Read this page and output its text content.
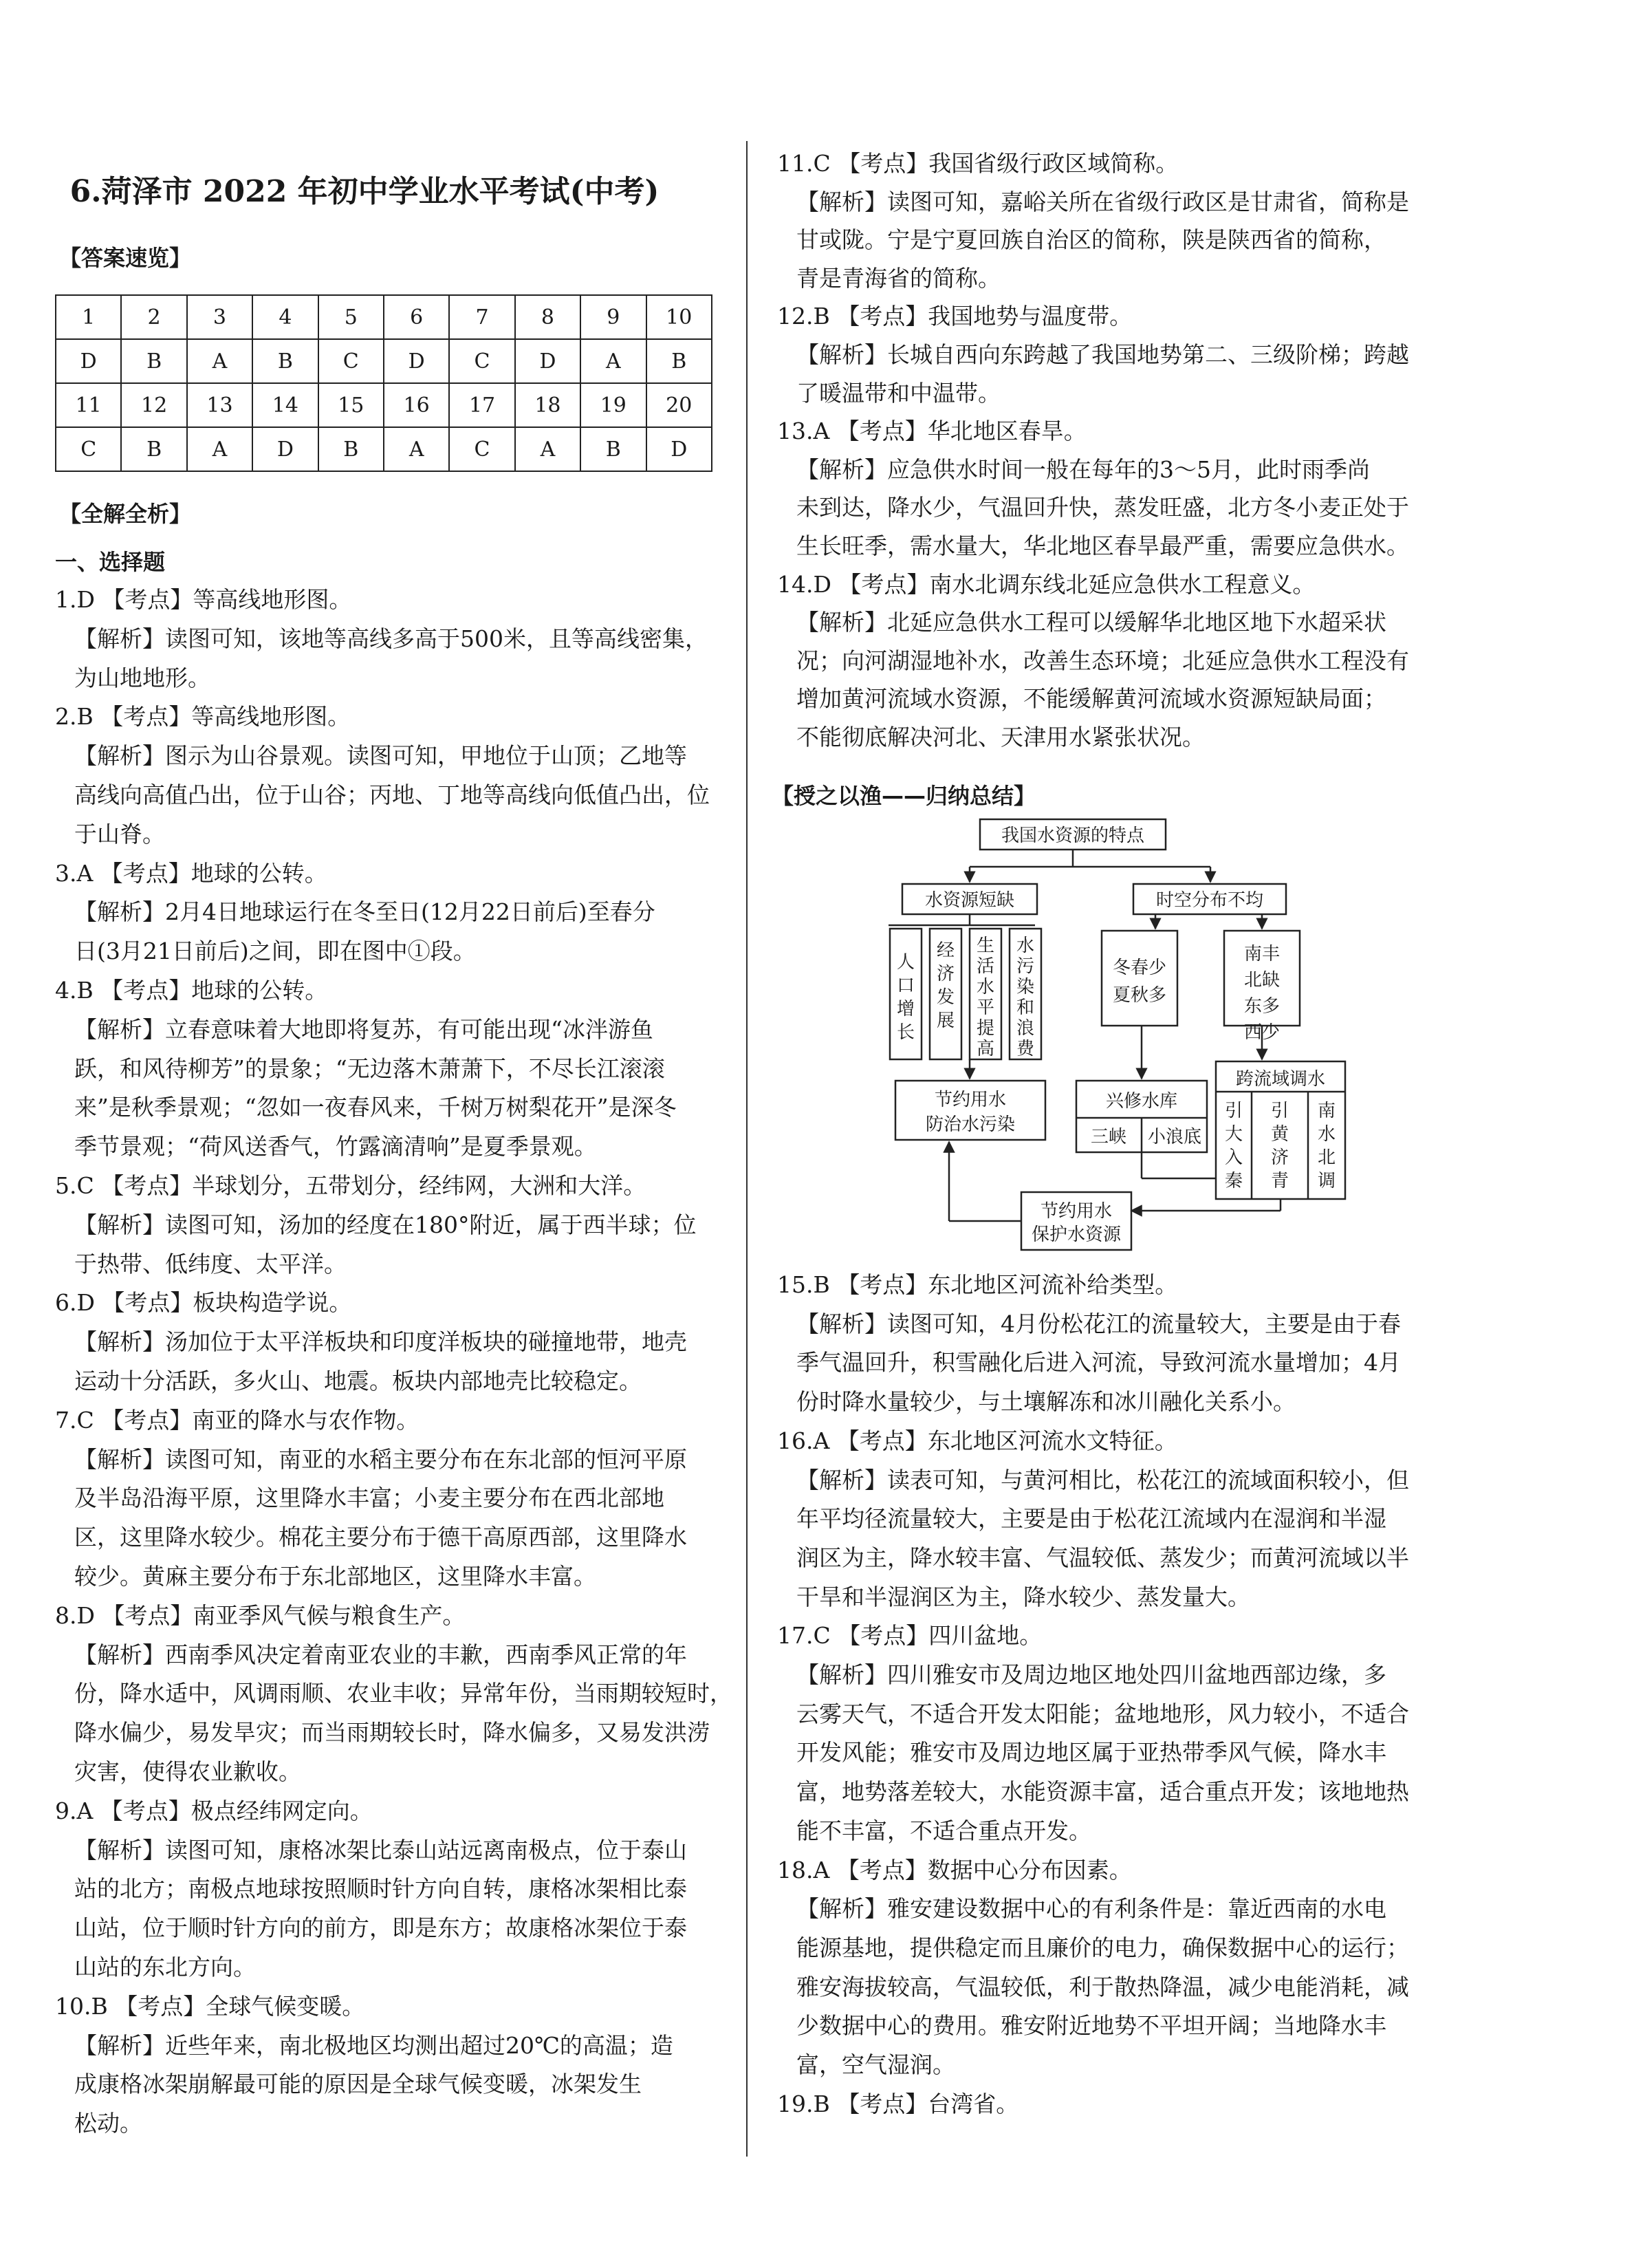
6.菏泽市 2022 年初中学业水平考试(中考)
【答案速览】
1	2	3	4	5	6	7	8	9	10
D	B	A	B	C	D	C	D	A	B
11	12	13	14	15	16	17	18	19	20
C	B	A	D	B	A	C	A	B	D
【全解全析】
一、选择题
1.D 【考点】等高线地形图。
【解析】读图可知，该地等高线多高于500米，且等高线密集，
为山地地形。
2.B 【考点】等高线地形图。
【解析】图示为山谷景观。读图可知，甲地位于山顶；乙地等
高线向高值凸出，位于山谷；丙地、丁地等高线向低值凸出，位
于山脊。
3.A 【考点】地球的公转。
【解析】2月4日地球运行在冬至日(12月22日前后)至春分
日(3月21日前后)之间，即在图中①段。
4.B 【考点】地球的公转。
【解析】立春意味着大地即将复苏，有可能出现“冰泮游鱼
跃，和风待柳芳”的景象；“无边落木萧萧下，不尽长江滚滚
来”是秋季景观；“忽如一夜春风来，千树万树梨花开”是深冬
季节景观；“荷风送香气，竹露滴清响”是夏季景观。
5.C 【考点】半球划分，五带划分，经纬网，大洲和大洋。
【解析】读图可知，汤加的经度在180°附近，属于西半球；位
于热带、低纬度、太平洋。
6.D 【考点】板块构造学说。
【解析】汤加位于太平洋板块和印度洋板块的碰撞地带，地壳
运动十分活跃，多火山、地震。板块内部地壳比较稳定。
7.C 【考点】南亚的降水与农作物。
【解析】读图可知，南亚的水稻主要分布在东北部的恒河平原
及半岛沿海平原，这里降水丰富；小麦主要分布在西北部地
区，这里降水较少。棉花主要分布于德干高原西部，这里降水
较少。黄麻主要分布于东北部地区，这里降水丰富。
8.D 【考点】南亚季风气候与粮食生产。
【解析】西南季风决定着南亚农业的丰歉，西南季风正常的年
份，降水适中，风调雨顺、农业丰收；异常年份，当雨期较短时，
降水偏少，易发旱灾；而当雨期较长时，降水偏多，又易发洪涝
灾害，使得农业歉收。
9.A 【考点】极点经纬网定向。
【解析】读图可知，康格冰架比泰山站远离南极点，位于泰山
站的北方；南极点地球按照顺时针方向自转，康格冰架相比泰
山站，位于顺时针方向的前方，即是东方；故康格冰架位于泰
山站的东北方向。
10.B 【考点】全球气候变暖。
【解析】近些年来，南北极地区均测出超过20℃的高温；造
成康格冰架崩解最可能的原因是全球气候变暖，冰架发生
松动。
11.C 【考点】我国省级行政区域简称。
【解析】读图可知，嘉峪关所在省级行政区是甘肃省，简称是
甘或陇。宁是宁夏回族自治区的简称，陕是陕西省的简称，
青是青海省的简称。
12.B 【考点】我国地势与温度带。
【解析】长城自西向东跨越了我国地势第二、三级阶梯；跨越
了暖温带和中温带。
13.A 【考点】华北地区春旱。
【解析】应急供水时间一般在每年的3～5月，此时雨季尚
未到达，降水少，气温回升快，蒸发旺盛，北方冬小麦正处于
生长旺季，需水量大，华北地区春旱最严重，需要应急供水。
14.D 【考点】南水北调东线北延应急供水工程意义。
【解析】北延应急供水工程可以缓解华北地区地下水超采状
况；向河湖湿地补水，改善生态环境；北延应急供水工程没有
增加黄河流域水资源，不能缓解黄河流域水资源短缺局面；
不能彻底解决河北、天津用水紧张状况。
【授之以渔——归纳总结】
我国水资源的特点
水资源短缺	时空分布不均
节约用水
防治水污染
兴修水库
三峡 小浪底
跨流域调水
节约用水
保护水资源
人口增长
经济发展
生活水平提高
水污染和浪费
引大入秦
引黄济青
南水北调
冬春少夏秋多
南丰北缺东多西少
15.B 【考点】东北地区河流补给类型。
【解析】读图可知，4月份松花江的流量较大，主要是由于春
季气温回升，积雪融化后进入河流，导致河流水量增加；4月
份时降水量较少，与土壤解冻和冰川融化关系小。
16.A 【考点】东北地区河流水文特征。
【解析】读表可知，与黄河相比，松花江的流域面积较小，但
年平均径流量较大，主要是由于松花江流域内在湿润和半湿
润区为主，降水较丰富、气温较低、蒸发少；而黄河流域以半
干旱和半湿润区为主，降水较少、蒸发量大。
17.C 【考点】四川盆地。
【解析】四川雅安市及周边地区地处四川盆地西部边缘，多
云雾天气，不适合开发太阳能；盆地地形，风力较小，不适合
开发风能；雅安市及周边地区属于亚热带季风气候，降水丰
富，地势落差较大，水能资源丰富，适合重点开发；该地地热
能不丰富，不适合重点开发。
18.A 【考点】数据中心分布因素。
【解析】雅安建设数据中心的有利条件是：靠近西南的水电
能源基地，提供稳定而且廉价的电力，确保数据中心的运行；
雅安海拔较高，气温较低，利于散热降温，减少电能消耗，减
少数据中心的费用。雅安附近地势不平坦开阔；当地降水丰
富，空气湿润。
19.B 【考点】台湾省。
